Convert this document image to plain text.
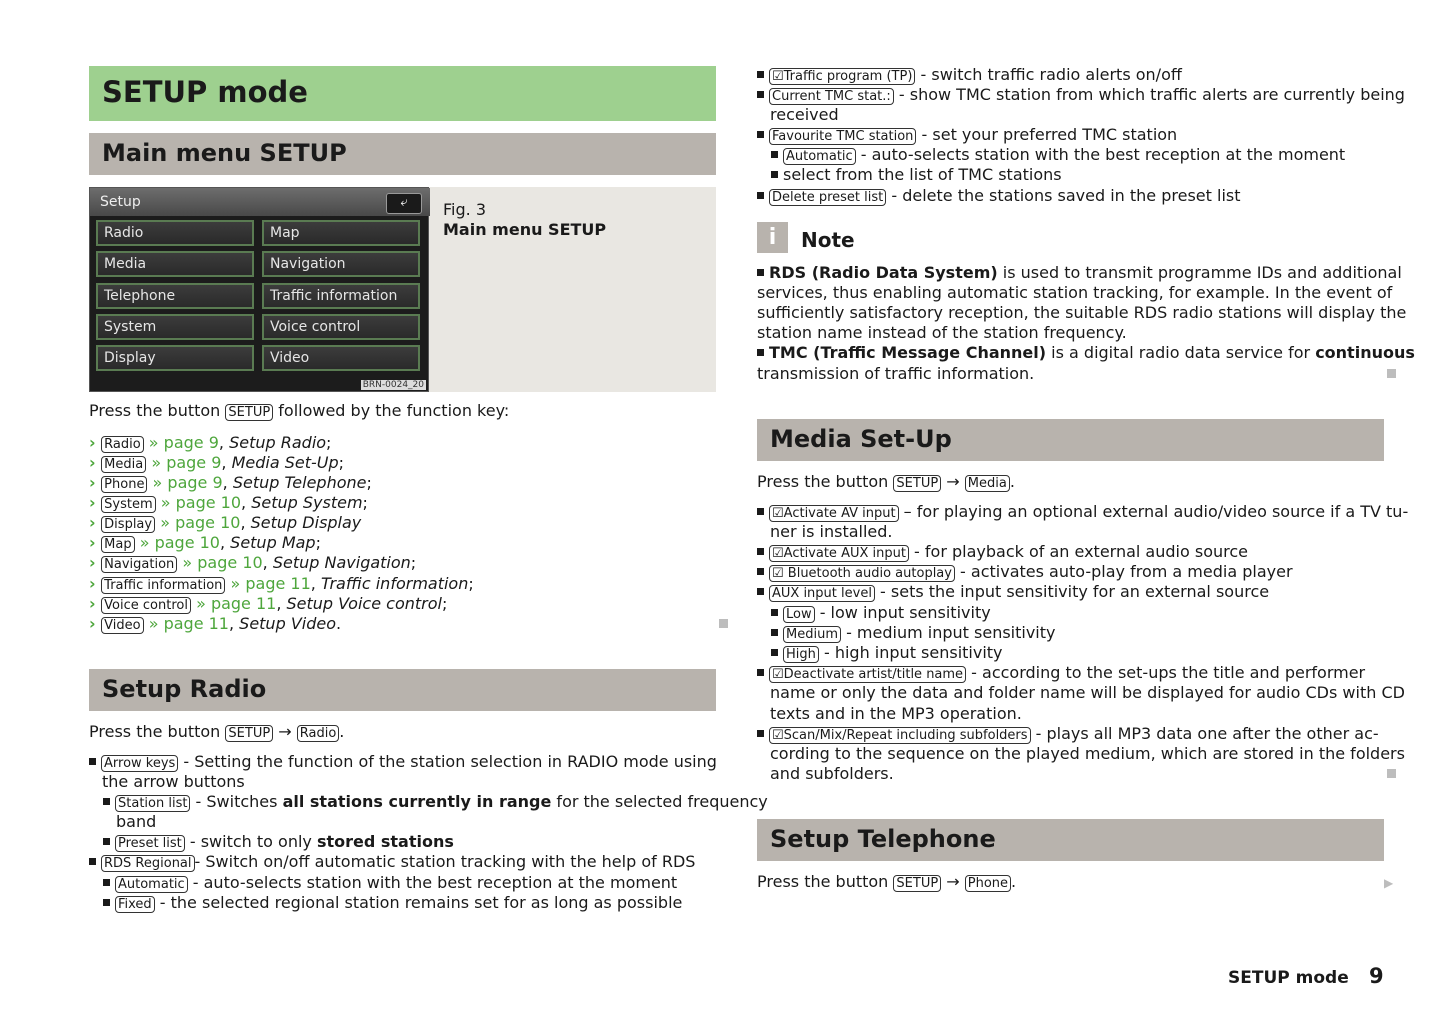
SETUP mode
Main menu SETUP
Setup	⤶
Radio
Media
Telephone
System
Display
Map
Navigation
Traffic information
Voice control
Video
BRN-0024_20
Fig. 3
Main menu SETUP
Press the button SETUP followed by the function key:
› Radio » page 9, Setup Radio;
› Media » page 9, Media Set-Up;
› Phone » page 9, Setup Telephone;
› System » page 10, Setup System;
› Display » page 10, Setup Display
› Map » page 10, Setup Map;
› Navigation » page 10, Setup Navigation;
› Traffic information » page 11, Traffic information;
› Voice control » page 11, Setup Voice control;
› Video » page 11, Setup Video.
Setup Radio
Press the button SETUP → Radio .
Arrow keys - Setting the function of the station selection in RADIO mode using
the arrow buttons
Station list - Switches all stations currently in range for the selected frequency
band
Preset list - switch to only stored stations
RDS Regional - Switch on/off automatic station tracking with the help of RDS
Automatic - auto-selects station with the best reception at the moment
Fixed - the selected regional station remains set for as long as possible
☑Traffic program (TP) - switch traffic radio alerts on/off
Current TMC stat.: - show TMC station from which traffic alerts are currently being
received
Favourite TMC station - set your preferred TMC station
Automatic - auto-selects station with the best reception at the moment
select from the list of TMC stations
Delete preset list - delete the stations saved in the preset list
i	Note
RDS (Radio Data System) is used to transmit programme IDs and additional
services, thus enabling automatic station tracking, for example. In the event of
sufficiently satisfactory reception, the suitable RDS radio stations will display the
station name instead of the station frequency.
TMC (Traffic Message Channel) is a digital radio data service for continuous
transmission of traffic information.
Media Set-Up
Press the button SETUP → Media .
☑Activate AV input – for playing an optional external audio/video source if a TV tu-
ner is installed.
☑Activate AUX input - for playback of an external audio source
☑ Bluetooth audio autoplay - activates auto-play from a media player
AUX input level - sets the input sensitivity for an external source
Low - low input sensitivity
Medium - medium input sensitivity
High - high input sensitivity
☑Deactivate artist/title name - according to the set-ups the title and performer
name or only the data and folder name will be displayed for audio CDs with CD
texts and in the MP3 operation.
☑Scan/Mix/Repeat including subfolders - plays all MP3 data one after the other ac-
cording to the sequence on the played medium, which are stored in the folders
and subfolders.
Setup Telephone
Press the button SETUP → Phone .	▶
SETUP mode 9
